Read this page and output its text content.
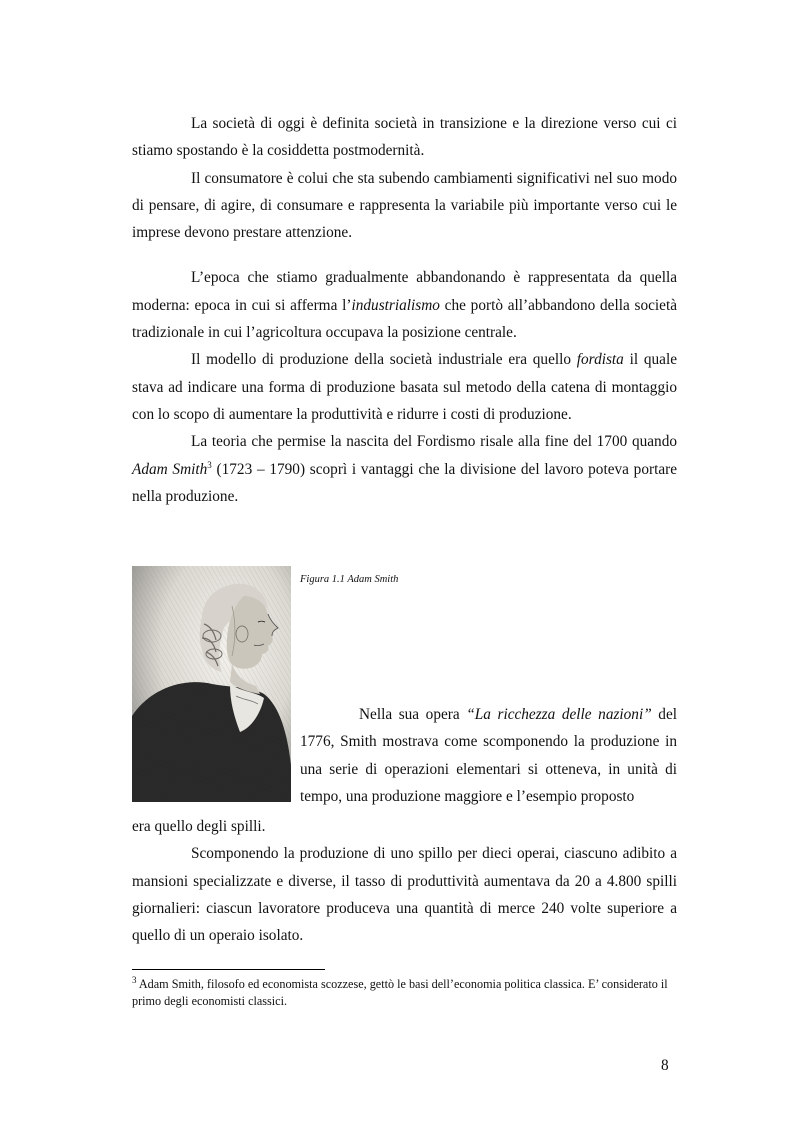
La società di oggi è definita società in transizione e la direzione verso cui ci stiamo spostando è la cosiddetta postmodernità.

Il consumatore è colui che sta subendo cambiamenti significativi nel suo modo di pensare, di agire, di consumare e rappresenta la variabile più importante verso cui le imprese devono prestare attenzione.

L’epoca che stiamo gradualmente abbandonando è rappresentata da quella moderna: epoca in cui si afferma l’industrialismo che portò all’abbandono della società tradizionale in cui l’agricoltura occupava la posizione centrale.

Il modello di produzione della società industriale era quello fordista il quale stava ad indicare una forma di produzione basata sul metodo della catena di montaggio con lo scopo di aumentare la produttività e ridurre i costi di produzione.

La teoria che permise la nascita del Fordismo risale alla fine del 1700 quando Adam Smith$^3$ (1723 – 1790) scoprì i vantaggi che la divisione del lavoro poteva portare nella produzione.

Figura 1.1 Adam Smith

Nella sua opera “La ricchezza delle nazioni” del 1776, Smith mostrava come scomponendo la produzione in una serie di operazioni elementari si otteneva, in unità di tempo, una produzione maggiore e l’esempio proposto

era quello degli spilli.

Scomponendo la produzione di uno spillo per dieci operai, ciascuno adibito a mansioni specializzate e diverse, il tasso di produttività aumentava da 20 a 4.800 spilli giornalieri: ciascun lavoratore produceva una quantità di merce 240 volte superiore a quello di un operaio isolato.

$^3$ Adam Smith, filosofo ed economista scozzese, gettò le basi dell’economia politica classica. E’ considerato il primo degli economisti classici.
8
